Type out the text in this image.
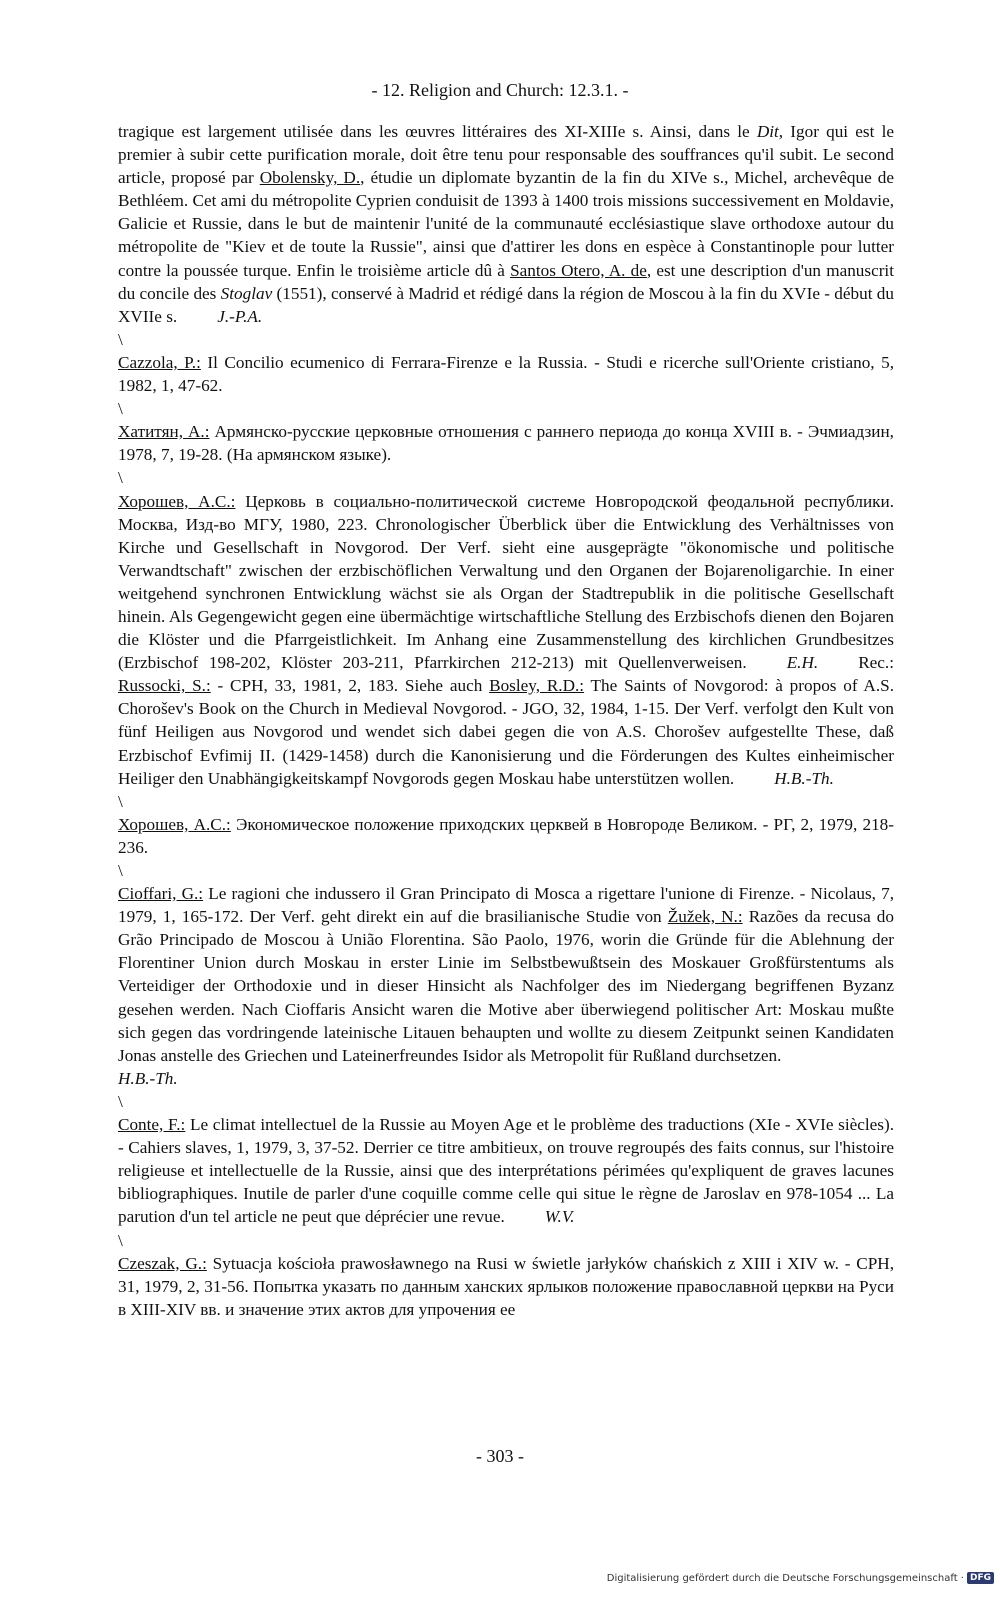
- 12. Religion and Church: 12.3.1. -

tragique est largement utilisée dans les œuvres littéraires des XI-XIIIe s. Ainsi, dans le Dit, Igor qui est le premier à subir cette purification morale, doit être tenu pour responsable des souffrances qu'il subit. Le second article, proposé par Obolensky, D., étudie un diplomate byzantin de la fin du XIVe s., Michel, archevêque de Bethléem. Cet ami du métropolite Cyprien conduisit de 1393 à 1400 trois missions successivement en Moldavie, Galicie et Russie, dans le but de maintenir l'unité de la communauté ecclésiastique slave orthodoxe autour du métropolite de "Kiev et de toute la Russie", ainsi que d'attirer les dons en espèce à Constantinople pour lutter contre la poussée turque. Enfin le troisième article dû à Santos Otero, A. de, est une description d'un manuscrit du concile des Stoglav (1551), conservé à Madrid et rédigé dans la région de Moscou à la fin du XVIe - début du XVIIe s. J.-P.A.

\

Cazzola, P.: Il Concilio ecumenico di Ferrara-Firenze e la Russia. - Studi e ricerche sull'Oriente cristiano, 5, 1982, 1, 47-62.

\

Хатитян, А.: Армянско-русские церковные отношения с раннего периода до конца XVIII в. - Эчмиадзин, 1978, 7, 19-28. (На армянском языке).

\

Хорошев, А.С.: Церковь в социально-политической системе Новгородской феодальной республики. Москва, Изд-во МГУ, 1980, 223. Chronologischer Überblick über die Entwicklung des Verhältnisses von Kirche und Gesellschaft in Novgorod. Der Verf. sieht eine ausgeprägte "ökonomische und politische Verwandtschaft" zwischen der erzbischöflichen Verwaltung und den Organen der Bojarenoligarchie. In einer weitgehend synchronen Entwicklung wächst sie als Organ der Stadtrepublik in die politische Gesellschaft hinein. Als Gegengewicht gegen eine übermächtige wirtschaftliche Stellung des Erzbischofs dienen den Bojaren die Klöster und die Pfarrgeistlichkeit. Im Anhang eine Zusammenstellung des kirchlichen Grundbesitzes (Erzbischof 198-202, Klöster 203-211, Pfarrkirchen 212-213) mit Quellenverweisen. E.H. Rec.: Russocki, S.: - CPH, 33, 1981, 2, 183. Siehe auch Bosley, R.D.: The Saints of Novgorod: à propos of A.S. Chorošev's Book on the Church in Medieval Novgorod. - JGO, 32, 1984, 1-15. Der Verf. verfolgt den Kult von fünf Heiligen aus Novgorod und wendet sich dabei gegen die von A.S. Chorošev aufgestellte These, daß Erzbischof Evfimij II. (1429-1458) durch die Kanonisierung und die Förderungen des Kultes einheimischer Heiliger den Unabhängigkeitskampf Novgorods gegen Moskau habe unterstützen wollen. H.B.-Th.

\

Хорошев, А.С.: Экономическое положение приходских церквей в Новгороде Великом. - РГ, 2, 1979, 218-236.

\

Cioffari, G.: Le ragioni che indussero il Gran Principato di Mosca a rigettare l'unione di Firenze. - Nicolaus, 7, 1979, 1, 165-172. Der Verf. geht direkt ein auf die brasilianische Studie von Žužek, N.: Razões da recusa do Grão Principado de Moscou à União Florentina. São Paolo, 1976, worin die Gründe für die Ablehnung der Florentiner Union durch Moskau in erster Linie im Selbstbewußtsein des Moskauer Großfürstentums als Verteidiger der Orthodoxie und in dieser Hinsicht als Nachfolger des im Niedergang begriffenen Byzanz gesehen werden. Nach Cioffaris Ansicht waren die Motive aber überwiegend politischer Art: Moskau mußte sich gegen das vordringende lateinische Litauen behaupten und wollte zu diesem Zeitpunkt seinen Kandidaten Jonas anstelle des Griechen und Lateinerfreundes Isidor als Metropolit für Rußland durchsetzen.
H.B.-Th.

\

Conte, F.: Le climat intellectuel de la Russie au Moyen Age et le problème des traductions (XIe - XVIe siècles). - Cahiers slaves, 1, 1979, 3, 37-52. Derrier ce titre ambitieux, on trouve regroupés des faits connus, sur l'histoire religieuse et intellectuelle de la Russie, ainsi que des interprétations périmées qu'expliquent de graves lacunes bibliographiques. Inutile de parler d'une coquille comme celle qui situe le règne de Jaroslav en 978-1054 ... La parution d'un tel article ne peut que déprécier une revue. W.V.

\

Czeszak, G.: Sytuacja kościoła prawosławnego na Rusi w świetle jarłyków chańskich z XIII i XIV w. - CPH, 31, 1979, 2, 31-56. Попытка указать по данным ханских ярлыков положение православной церкви на Руси в XIII-XIV вв. и значение этих актов для упрочения ее

- 303 -
Digitalisierung gefördert durch die Deutsche Forschungsgemeinschaft · DFG
